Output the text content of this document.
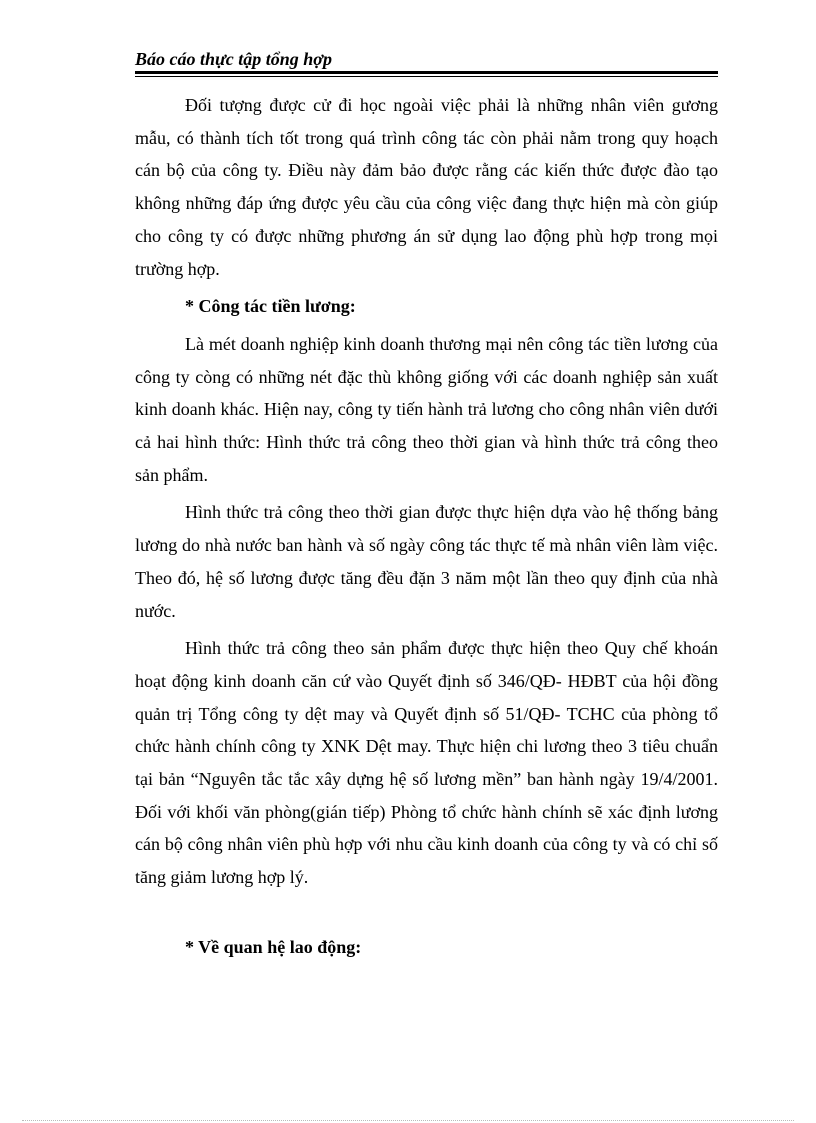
Báo cáo thực tập tổng hợp

Đối tượng được cử đi học ngoài việc phải là những nhân viên gương mẫu, có thành tích tốt trong quá trình công tác còn phải nằm trong quy hoạch cán bộ của công ty. Điều này đảm bảo được rằng các kiến thức được đào tạo không những đáp ứng được yêu cầu của công việc đang thực hiện mà còn giúp cho công ty có được những phương án sử dụng lao động phù hợp trong mọi trường hợp.

* Công tác tiền lương:

Là mét doanh nghiệp kinh doanh thương mại nên công tác tiền lương của công ty còng có những nét đặc thù không giống với các doanh nghiệp sản xuất kinh doanh khác. Hiện nay, công ty tiến hành trả lương cho công nhân viên dưới cả hai hình thức: Hình thức trả công theo thời gian và hình thức trả công theo sản phẩm.

Hình thức trả công theo thời gian được thực hiện dựa vào hệ thống bảng lương do nhà nước ban hành và số ngày công tác thực tế mà nhân viên làm việc. Theo đó, hệ số lương được tăng đều đặn 3 năm một lần theo quy định của nhà nước.

Hình thức trả công theo sản phẩm được thực hiện theo Quy chế khoán hoạt động kinh doanh căn cứ vào Quyết định số 346/QĐ- HĐBT của hội đồng quản trị Tổng công ty dệt may và Quyết định số 51/QĐ- TCHC của phòng tổ chức hành chính công ty XNK Dệt may. Thực hiện chi lương theo 3 tiêu chuẩn tại bản “Nguyên tắc tắc xây dựng hệ số lương mền” ban hành ngày 19/4/2001. Đối với khối văn phòng(gián tiếp) Phòng tổ chức hành chính sẽ xác định lương cán bộ công nhân viên phù hợp với nhu cầu kinh doanh của công ty và có chỉ số tăng giảm lương hợp lý.

* Về quan hệ lao động:
